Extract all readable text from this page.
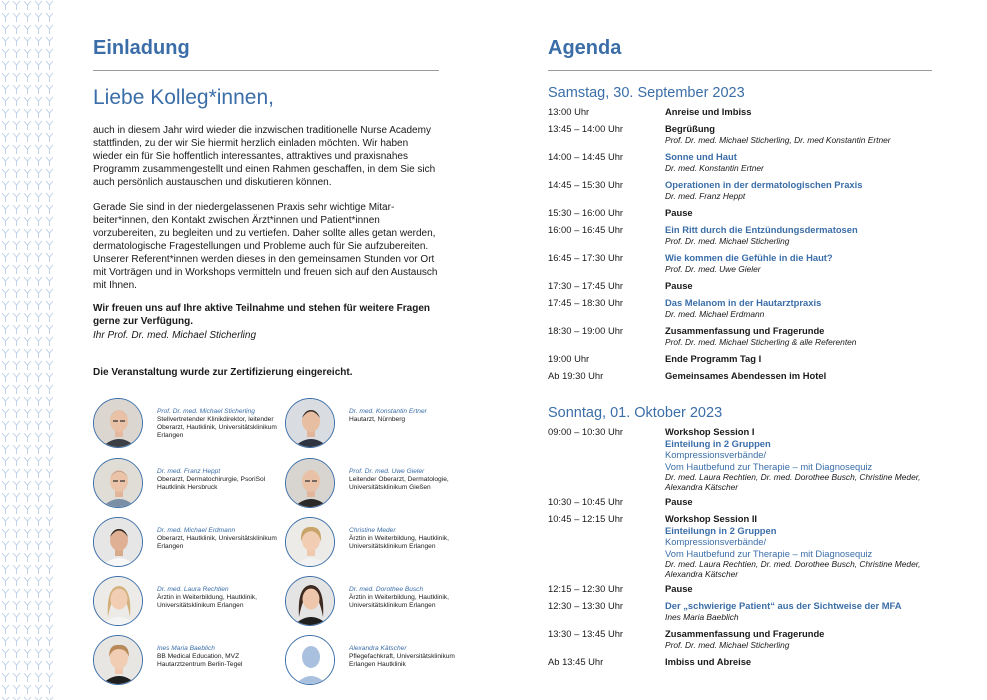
Einladung
Liebe Kolleg*innen,

auch in diesem Jahr wird wieder die inzwischen traditionelle Nurse Academy stattfinden, zu der wir Sie hiermit herzlich einladen möchten. Wir haben wieder ein für Sie hoffentlich interessantes, attraktives und praxisnahes Programm zusammengestellt und einen Rahmen geschaffen, in dem Sie sich auch persönlich austauschen und diskutieren können.

Gerade Sie sind in der niedergelassenen Praxis sehr wichtige Mitarbeiter*innen, den Kontakt zwischen Ärzt*innen und Patient*innen vorzubereiten, zu begleiten und zu vertiefen. Daher sollte alles getan werden, dermatologische Fragestellungen und Probleme auch für Sie aufzubereiten. Unserer Referent*innen werden dieses in den gemeinsamen Stunden vor Ort mit Vorträgen und in Workshops vermitteln und freuen sich auf den Austausch mit Ihnen.

Wir freuen uns auf Ihre aktive Teilnahme und stehen für weitere Fragen gerne zur Verfügung.

Ihr Prof. Dr. med. Michael Sticherling

Die Veranstaltung wurde zur Zertifizierung eingereicht.

Prof. Dr. med. Michael Sticherling
Stellvertretender Klinikdirektor, leitender Oberarzt, Hautklinik, Universitätsklinikum Erlangen
Dr. med. Konstantin Ertner
Hautarzt, Nürnberg
Dr. med. Franz Heppt
Oberarzt, Dermatochirurgie, PsoriSol Hautklinik Hersbruck
Prof. Dr. med. Uwe Gieler
Leitender Oberarzt, Dermatologie, Universitätsklinikum Gießen
Dr. med. Michael Erdmann
Oberarzt, Hautklinik, Universitätsklinikum Erlangen
Christine Meder
Ärztin in Weiterbildung, Hautklinik, Universitätsklinikum Erlangen
Dr. med. Laura Rechtien
Ärztin in Weiterbildung, Hautklinik, Universitätsklinikum Erlangen
Dr. med. Dorothee Busch
Ärztin in Weiterbildung, Hautklinik, Universitätsklinikum Erlangen
Ines Maria Baeblich
BB Medical Education, MVZ Hautarztzentrum Berlin-Tegel
Alexandra Kätscher
Pflegefachkraft, Universitätsklinikum Erlangen Hautklinik
Agenda
Samstag, 30. September 2023
13:00 Uhr	Anreise und Imbiss
13:45 – 14:00 Uhr	Begrüßung
Prof. Dr. med. Michael Sticherling, Dr. med Konstantin Ertner
14:00 – 14:45 Uhr	Sonne und Haut
Dr. med. Konstantin Ertner
14:45 – 15:30 Uhr	Operationen in der dermatologischen Praxis
Dr. med. Franz Heppt
15:30 – 16:00 Uhr	Pause
16:00 – 16:45 Uhr	Ein Ritt durch die Entzündungsdermatosen
Prof. Dr. med. Michael Sticherling
16:45 – 17:30 Uhr	Wie kommen die Gefühle in die Haut?
Prof. Dr. med. Uwe Gieler
17:30 – 17:45 Uhr	Pause
17:45 – 18:30 Uhr	Das Melanom in der Hautarztpraxis
Dr. med. Michael Erdmann
18:30 – 19:00 Uhr	Zusammenfassung und Fragerunde
Prof. Dr. med. Michael Sticherling & alle Referenten
19:00 Uhr	Ende Programm Tag I
Ab 19:30 Uhr	Gemeinsames Abendessen im Hotel
Sonntag, 01. Oktober 2023
09:00 – 10:30 Uhr	Workshop Session I
Einteilung in 2 Gruppen
Kompressionsverbände/
Vom Hautbefund zur Therapie – mit Diagnosequiz
Dr. med. Laura Rechtien, Dr. med. Dorothee Busch, Christine Meder, Alexandra Kätscher
10:30 – 10:45 Uhr	Pause
10:45 – 12:15 Uhr	Workshop Session II
Einteilungn in 2 Gruppen
Kompressionsverbände/
Vom Hautbefund zur Therapie – mit Diagnosequiz
Dr. med. Laura Rechtien, Dr. med. Dorothee Busch, Christine Meder, Alexandra Kätscher
12:15 – 12:30 Uhr	Pause
12:30 – 13:30 Uhr	Der „schwierige Patient“ aus der Sichtweise der MFA
Ines Maria Baeblich
13:30 – 13:45 Uhr	Zusammenfassung und Fragerunde
Prof. Dr. med. Michael Sticherling
Ab 13:45 Uhr	Imbiss und Abreise
